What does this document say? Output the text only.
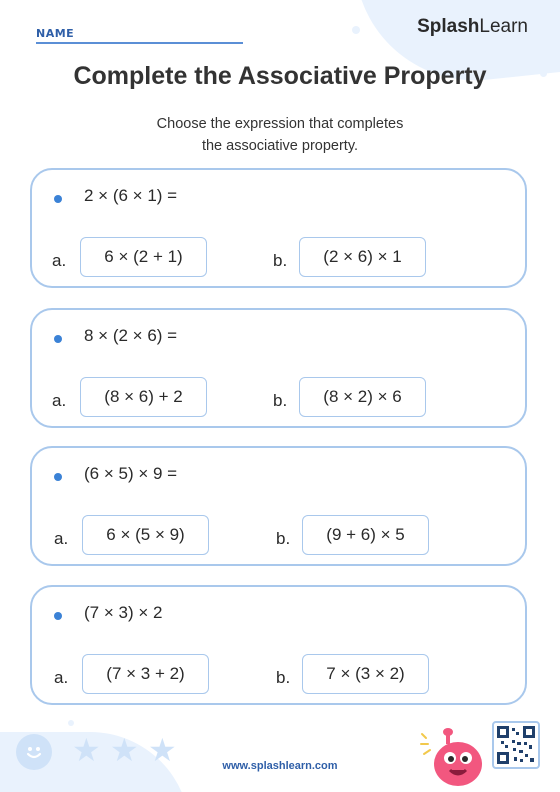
NAME	SplashLearn
Complete the Associative Property
Choose the expression that completes
the associative property.
2 × (6 × 1) =
a.	6 × (2 + 1)	b.	(2 × 6) × 1
8 × (2 × 6) =
a.	(8 × 6) + 2	b.	(8 × 2) × 6
(6 × 5) × 9 =
a.	6 × (5 × 9)	b.	(9 + 6) × 5
(7 × 3) × 2
a.	(7 × 3 + 2)	b.	7 × (3 × 2)
★ ★ ★	www.splashlearn.com
